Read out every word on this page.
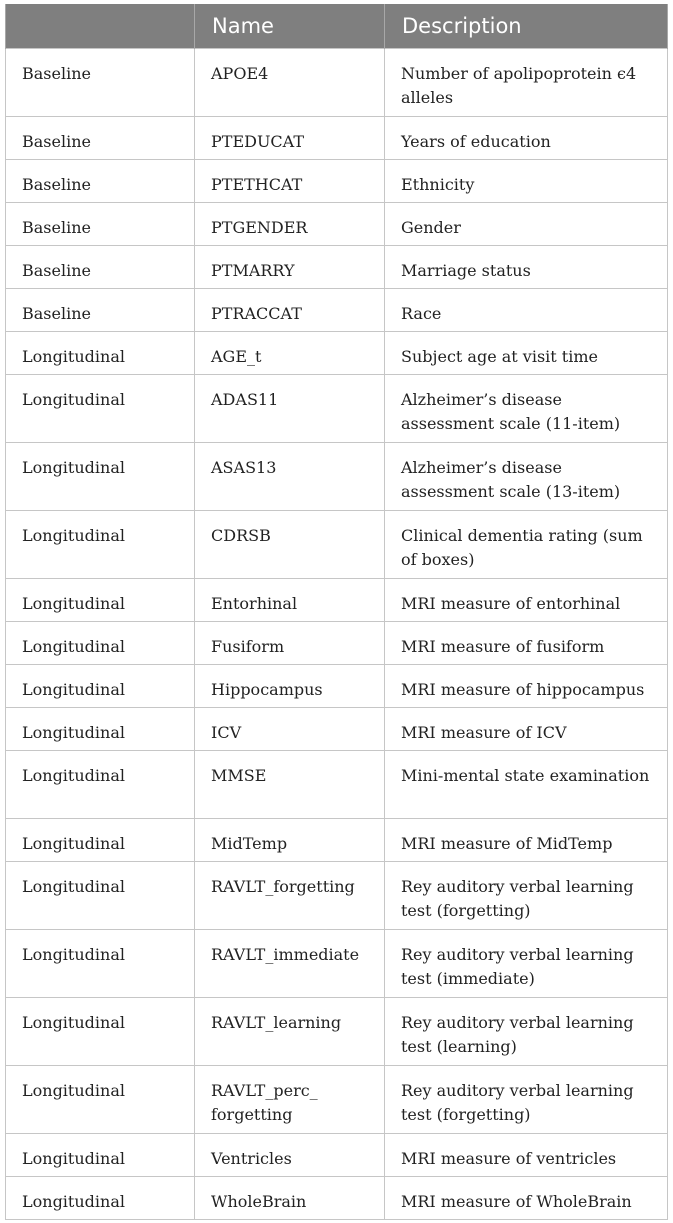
	Name	Description
Baseline	APOE4	Number of apolipoprotein ϵ4 alleles
Baseline	PTEDUCAT	Years of education
Baseline	PTETHCAT	Ethnicity
Baseline	PTGENDER	Gender
Baseline	PTMARRY	Marriage status
Baseline	PTRACCAT	Race
Longitudinal	AGE_t	Subject age at visit time
Longitudinal	ADAS11	Alzheimer’s disease assessment scale (11-item)
Longitudinal	ASAS13	Alzheimer’s disease assessment scale (13-item)
Longitudinal	CDRSB	Clinical dementia rating (sum of boxes)
Longitudinal	Entorhinal	MRI measure of entorhinal
Longitudinal	Fusiform	MRI measure of fusiform
Longitudinal	Hippocampus	MRI measure of hippocampus
Longitudinal	ICV	MRI measure of ICV
Longitudinal	MMSE	Mini-mental state examination
Longitudinal	MidTemp	MRI measure of MidTemp
Longitudinal	RAVLT_forgetting	Rey auditory verbal learning test (forgetting)
Longitudinal	RAVLT_immediate	Rey auditory verbal learning test (immediate)
Longitudinal	RAVLT_learning	Rey auditory verbal learning test (learning)
Longitudinal	RAVLT_perc_ forgetting	Rey auditory verbal learning test (forgetting)
Longitudinal	Ventricles	MRI measure of ventricles
Longitudinal	WholeBrain	MRI measure of WholeBrain
